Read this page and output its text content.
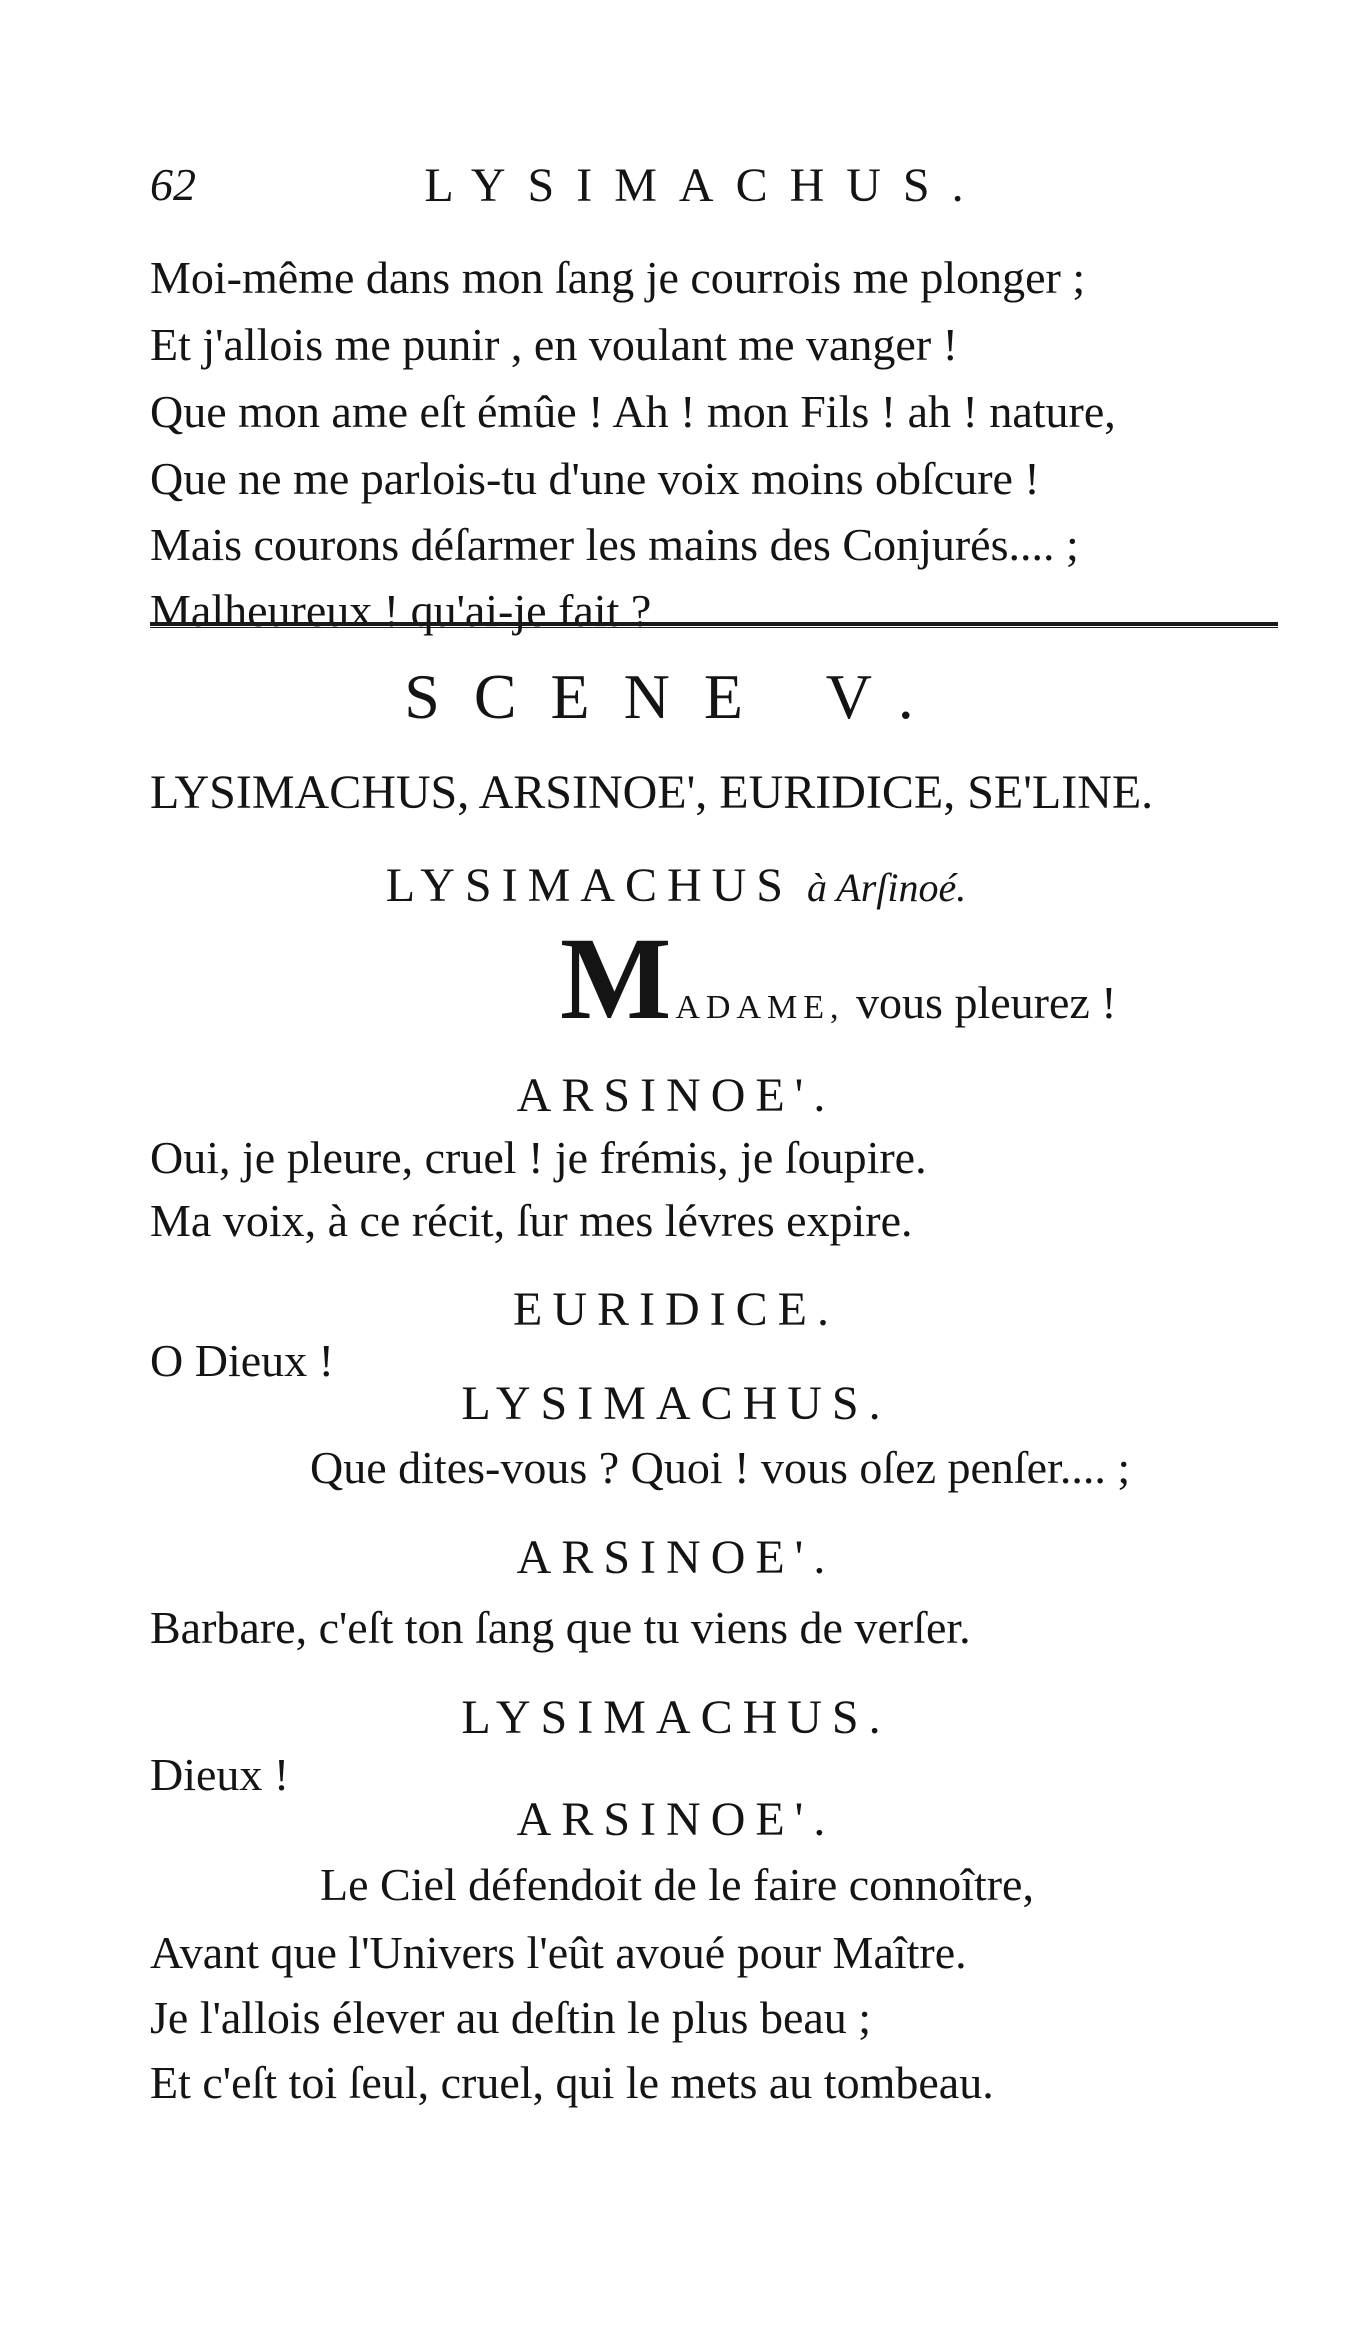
62	LYSIMACHUS.
Moi-même dans mon ſang je courrois me plonger ;
Et j'allois me punir , en voulant me vanger !
Que mon ame eſt émûe ! Ah ! mon Fils ! ah ! nature,
Que ne me parlois-tu d'une voix moins obſcure !
Mais courons déſarmer les mains des Conjurés.... ;
Malheureux ! qu'ai-je fait ?
SCENE V.
LYSIMACHUS, ARSINOE', EURIDICE, SE'LINE.
LYSIMACHUS à Arſinoé.
MADAME, vous pleurez !
ARSINOE'.
Oui, je pleure, cruel ! je frémis, je ſoupire.
Ma voix, à ce récit, ſur mes lévres expire.
EURIDICE.
O Dieux !
LYSIMACHUS.
Que dites-vous ? Quoi ! vous oſez penſer.... ;
ARSINOE'.
Barbare, c'eſt ton ſang que tu viens de verſer.
LYSIMACHUS.
Dieux !
ARSINOE'.
Le Ciel défendoit de le faire connoître,
Avant que l'Univers l'eût avoué pour Maître.
Je l'allois élever au deſtin le plus beau ;
Et c'eſt toi ſeul, cruel, qui le mets au tombeau.
